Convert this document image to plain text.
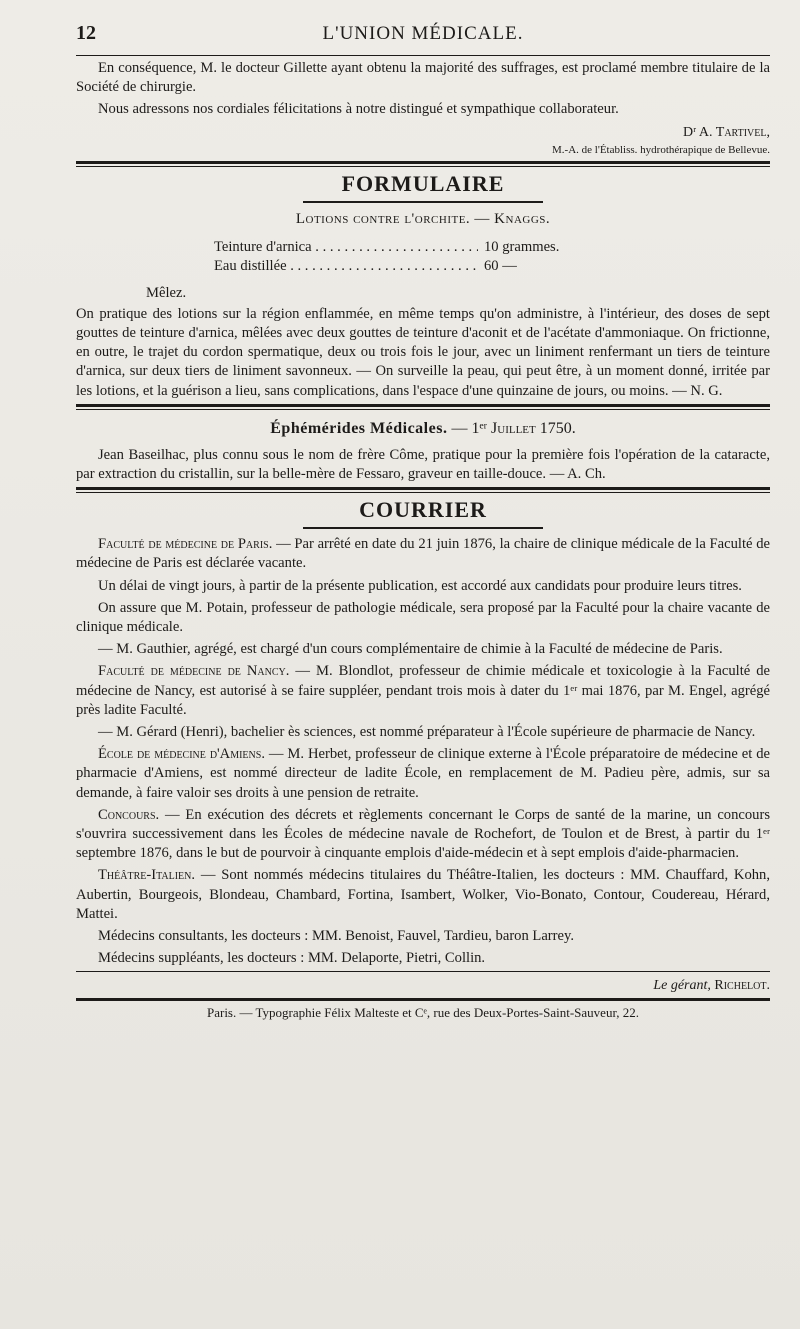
12	L'UNION MÉDICALE.

En conséquence, M. le docteur Gillette ayant obtenu la majorité des suffrages, est proclamé membre titulaire de la Société de chirurgie.

Nous adressons nos cordiales félicitations à notre distingué et sympathique collaborateur.

Dʳ A. Tartivel,
M.-A. de l'Établiss. hydrothérapique de Bellevue.
FORMULAIRE
Lotions contre l'orchite. — Knaggs.
Teinture d'arnica . . .	10 grammes.
Eau distillée . . .	60 —
Mêlez.

On pratique des lotions sur la région enflammée, en même temps qu'on administre, à l'intérieur, des doses de sept gouttes de teinture d'arnica, mêlées avec deux gouttes de teinture d'aconit et de l'acétate d'ammoniaque. On frictionne, en outre, le trajet du cordon spermatique, deux ou trois fois le jour, avec un liniment renfermant un tiers de teinture d'arnica, sur deux tiers de liniment savonneux. — On surveille la peau, qui peut être, à un moment donné, irritée par les lotions, et la guérison a lieu, sans complications, dans l'espace d'une quinzaine de jours, ou moins. — N. G.

Éphémérides Médicales. — 1ᵉʳ Juillet 1750.

Jean Baseilhac, plus connu sous le nom de frère Côme, pratique pour la première fois l'opération de la cataracte, par extraction du cristallin, sur la belle-mère de Fessaro, graveur en taille-douce. — A. Ch.

COURRIER

Faculté de médecine de Paris. — Par arrêté en date du 21 juin 1876, la chaire de clinique médicale de la Faculté de médecine de Paris est déclarée vacante.

Un délai de vingt jours, à partir de la présente publication, est accordé aux candidats pour produire leurs titres.

On assure que M. Potain, professeur de pathologie médicale, sera proposé par la Faculté pour la chaire vacante de clinique médicale.

— M. Gauthier, agrégé, est chargé d'un cours complémentaire de chimie à la Faculté de médecine de Paris.

Faculté de médecine de Nancy. — M. Blondlot, professeur de chimie médicale et toxicologie à la Faculté de médecine de Nancy, est autorisé à se faire suppléer, pendant trois mois à dater du 1ᵉʳ mai 1876, par M. Engel, agrégé près ladite Faculté.

— M. Gérard (Henri), bachelier ès sciences, est nommé préparateur à l'École supérieure de pharmacie de Nancy.

École de médecine d'Amiens. — M. Herbet, professeur de clinique externe à l'École préparatoire de médecine et de pharmacie d'Amiens, est nommé directeur de ladite École, en remplacement de M. Padieu père, admis, sur sa demande, à faire valoir ses droits à une pension de retraite.

Concours. — En exécution des décrets et règlements concernant le Corps de santé de la marine, un concours s'ouvrira successivement dans les Écoles de médecine navale de Rochefort, de Toulon et de Brest, à partir du 1ᵉʳ septembre 1876, dans le but de pourvoir à cinquante emplois d'aide-médecin et à sept emplois d'aide-pharmacien.

Théâtre-Italien. — Sont nommés médecins titulaires du Théâtre-Italien, les docteurs : MM. Chauffard, Kohn, Aubertin, Bourgeois, Blondeau, Chambard, Fortina, Isambert, Wolker, Vio-Bonato, Contour, Coudereau, Hérard, Mattei.

Médecins consultants, les docteurs : MM. Benoist, Fauvel, Tardieu, baron Larrey.

Médecins suppléants, les docteurs : MM. Delaporte, Pietri, Collin.

Le gérant, Richelot.
Paris. — Typographie Félix Malteste et Cᵉ, rue des Deux-Portes-Saint-Sauveur, 22.
